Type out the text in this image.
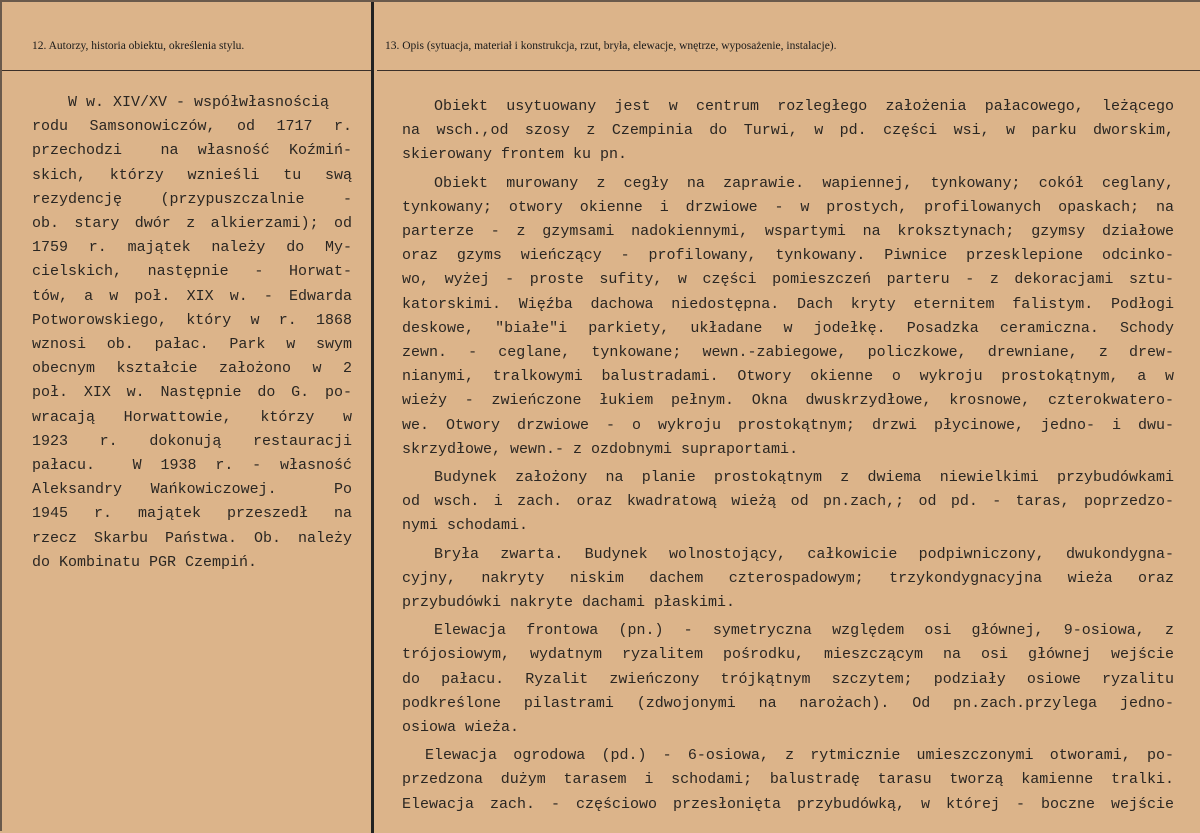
12. Autorzy, historia obiektu, określenia stylu.
W w. XIV/XV - współwłasnością
rodu Samsonowiczów, od 1717 r.
przechodzi  na własność Koźmiń-
skich, którzy wznieśli tu swą
rezydencję  (przypuszczalnie  -
ob. stary dwór z alkierzami); od
1759 r. majątek należy do My-
cielskich, następnie - Horwat-
tów, a w poł. XIX w. - Edwarda
Potworowskiego, który w r. 1868
wznosi ob. pałac. Park w swym
obecnym kształcie założono w 2
poł. XIX w. Następnie do G. po-
wracają Horwattowie, którzy w
1923 r. dokonują restauracji
pałacu.  W 1938 r. - własność
Aleksandry Wańkowiczowej.  Po
1945 r. majątek przeszedł na
rzecz Skarbu Państwa. Ob. należy
do Kombinatu PGR Czempiń.
13. Opis (sytuacja, materiał i konstrukcja, rzut, bryła, elewacje, wnętrze, wyposażenie, instalacje).
Obiekt usytuowany jest w centrum rozległego założenia pałacowego, leżącego
na wsch.,od szosy z Czempinia do Turwi, w pd. części wsi, w parku dworskim,
skierowany frontem ku pn.
Obiekt murowany z cegły na zaprawie. wapiennej, tynkowany; cokół ceglany,
tynkowany; otwory okienne i drzwiowe - w prostych, profilowanych opaskach; na
parterze - z gzymsami nadokiennymi, wspartymi na kroksztynach; gzymsy działowe
oraz gzyms wieńczący - profilowany, tynkowany. Piwnice przesklepione odcinko-
wo, wyżej - proste sufity, w części pomieszczeń parteru - z dekoracjami sztu-
katorskimi. Więźba dachowa niedostępna. Dach kryty eternitem falistym. Podłogi
deskowe, "białe"i parkiety, układane w jodełkę. Posadzka ceramiczna. Schody
zewn. - ceglane, tynkowane; wewn.-zabiegowe, policzkowe, drewniane, z drew-
nianymi, tralkowymi balustradami. Otwory okienne o wykroju prostokątnym, a w
wieży - zwieńczone łukiem pełnym. Okna dwuskrzydłowe, krosnowe, czterokwatero-
we. Otwory drzwiowe - o wykroju prostokątnym; drzwi płycinowe, jedno- i dwu-
skrzydłowe, wewn.- z ozdobnymi supraportami.
Budynek założony na planie prostokątnym z dwiema niewielkimi przybudówkami
od wsch. i zach. oraz kwadratową wieżą od pn.zach,; od pd. - taras, poprzedzo-
nymi schodami.
Bryła zwarta. Budynek wolnostojący, całkowicie podpiwniczony, dwukondygna-
cyjny, nakryty niskim dachem czterospadowym; trzykondygnacyjna wieża oraz
przybudówki nakryte dachami płaskimi.
Elewacja frontowa (pn.) - symetryczna względem osi głównej, 9-osiowa, z
trójosiowym, wydatnym ryzalitem pośrodku, mieszczącym na osi głównej wejście
do pałacu. Ryzalit zwieńczony trójkątnym szczytem; podziały osiowe ryzalitu
podkreślone pilastrami (zdwojonymi na narożach). Od pn.zach.przylega jedno-
osiowa wieża.
Elewacja ogrodowa (pd.) - 6-osiowa, z rytmicznie umieszczonymi otworami, po-
przedzona dużym tarasem i schodami; balustradę tarasu tworzą kamienne tralki.
Elewacja zach. - częściowo przesłonięta przybudówką, w której - boczne wejście
